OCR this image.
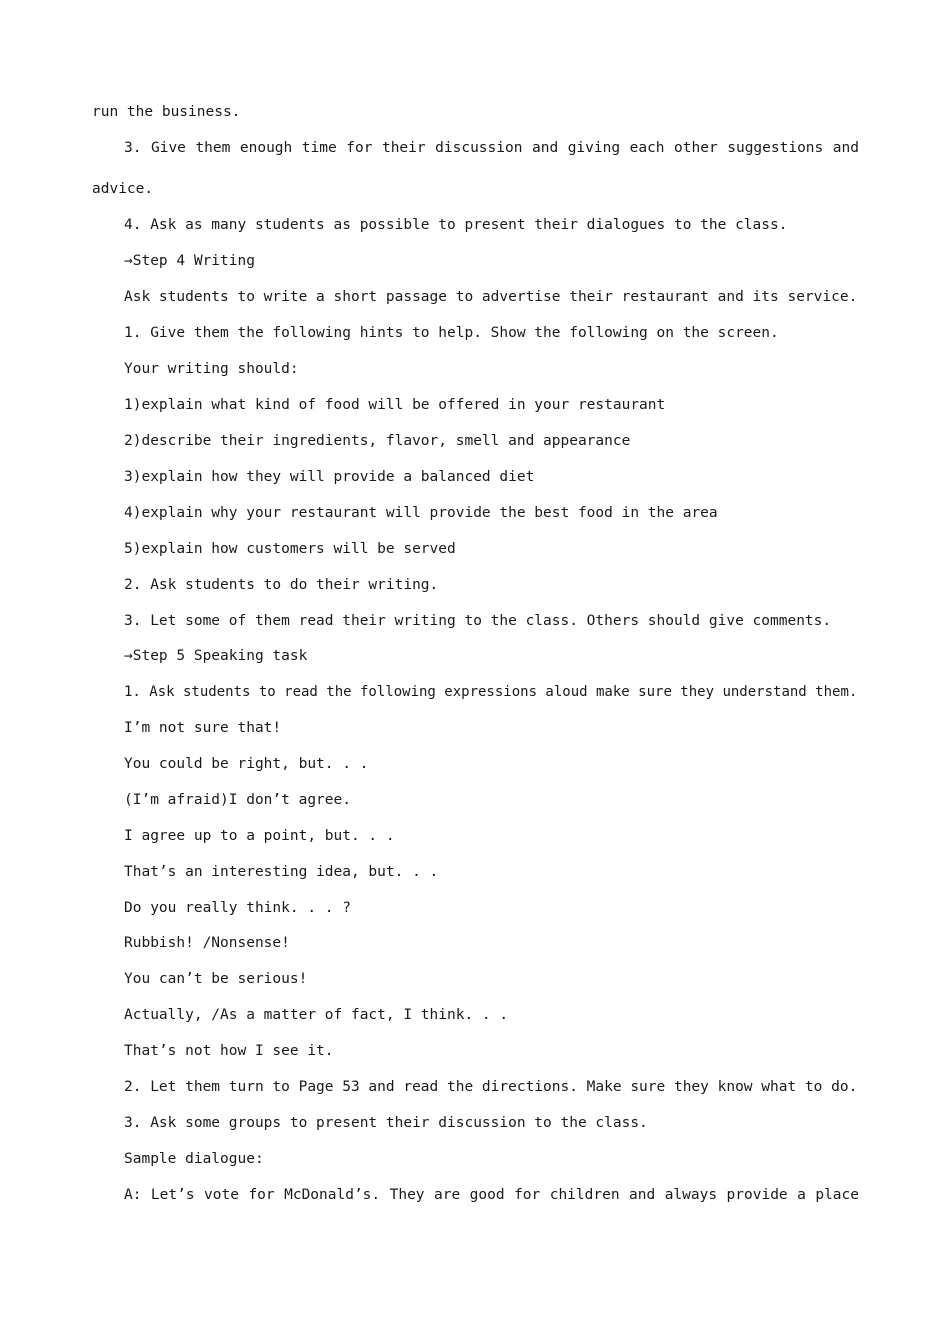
run the business.
3. Give them enough time for their discussion and giving each other suggestions and
advice.
4. Ask as many students as possible to present their dialogues to the class.
→Step 4 Writing
Ask students to write a short passage to advertise their restaurant and its service.
1. Give them the following hints to help. Show the following on the screen.
Your writing should:
1)explain what kind of food will be offered in your restaurant
2)describe their ingredients, flavor, smell and appearance
3)explain how they will provide a balanced diet
4)explain why your restaurant will provide the best food in the area
5)explain how customers will be served
2. Ask students to do their writing.
3. Let some of them read their writing to the class. Others should give comments.
→Step 5 Speaking task
1. Ask students to read the following expressions aloud make sure they understand them.
I’m not sure that!
You could be right, but. . .
(I’m afraid)I don’t agree.
I agree up to a point, but. . .
That’s an interesting idea, but. . .
Do you really think. . . ?
Rubbish! /Nonsense!
You can’t be serious!
Actually, /As a matter of fact, I think. . .
That’s not how I see it.
2. Let them turn to Page 53 and read the directions. Make sure they know what to do.
3. Ask some groups to present their discussion to the class.
Sample dialogue:
A: Let’s vote for McDonald’s. They are good for children and always provide a place
